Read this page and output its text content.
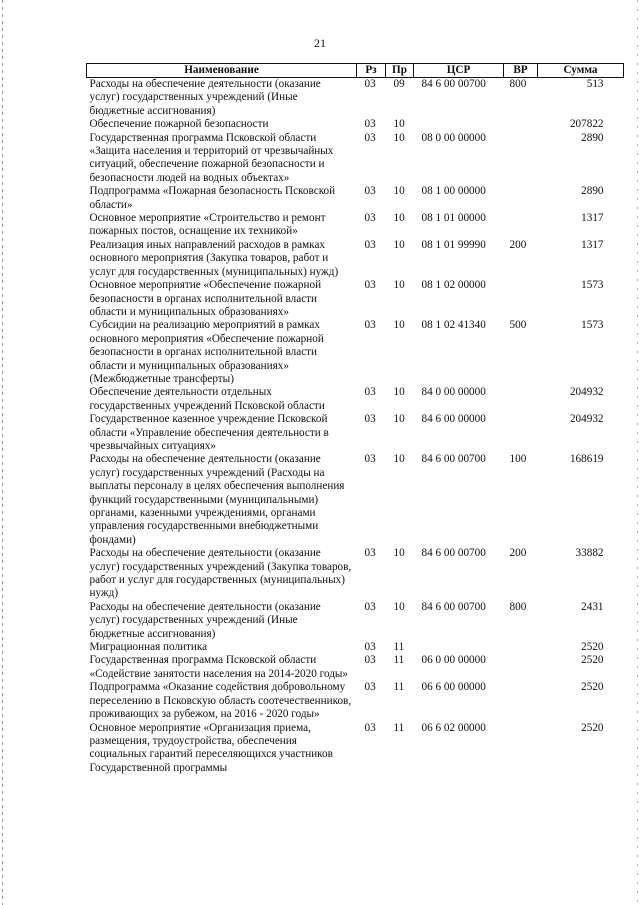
21
Наименование	Рз	Пр	ЦСР	ВР	Сумма
Расходы на обеспечение деятельности (оказание услуг) государственных учреждений (Иные бюджетные ассигнования)	03	09	84 6 00 00700	800	513
Обеспечение пожарной безопасности	03	10			207822
Государственная программа Псковской области «Защита населения и территорий от чрезвычайных ситуаций, обеспечение пожарной безопасности и безопасности людей на водных объектах»	03	10	08 0 00 00000		2890
Подпрограмма «Пожарная безопасность Псковской области»	03	10	08 1 00 00000		2890
Основное мероприятие «Строительство и ремонт пожарных постов, оснащение их техникой»	03	10	08 1 01 00000		1317
Реализация иных направлений расходов в рамках основного мероприятия (Закупка товаров, работ и услуг для государственных (муниципальных) нужд)	03	10	08 1 01 99990	200	1317
Основное мероприятие «Обеспечение пожарной безопасности в органах исполнительной власти области и муниципальных образованиях»	03	10	08 1 02 00000		1573
Субсидии на реализацию мероприятий в рамках основного мероприятия «Обеспечение пожарной безопасности в органах исполнительной власти области и муниципальных образованиях» (Межбюджетные трансферты)	03	10	08 1 02 41340	500	1573
Обеспечение деятельности отдельных государственных учреждений Псковской области	03	10	84 0 00 00000		204932
Государственное казенное учреждение Псковской области «Управление обеспечения деятельности в чрезвычайных ситуациях»	03	10	84 6 00 00000		204932
Расходы на обеспечение деятельности (оказание услуг) государственных учреждений (Расходы на выплаты персоналу в целях обеспечения выполнения функций государственными (муниципальными) органами, казенными учреждениями, органами управления государственными внебюджетными фондами)	03	10	84 6 00 00700	100	168619
Расходы на обеспечение деятельности (оказание услуг) государственных учреждений (Закупка товаров, работ и услуг для государственных (муниципальных) нужд)	03	10	84 6 00 00700	200	33882
Расходы на обеспечение деятельности (оказание услуг) государственных учреждений (Иные бюджетные ассигнования)	03	10	84 6 00 00700	800	2431
Миграционная политика	03	11			2520
Государственная программа Псковской области «Содействие занятости населения на 2014-2020 годы»	03	11	06 0 00 00000		2520
Подпрограмма «Оказание содействия добровольному переселению в Псковскую область соотечественников, проживающих за рубежом, на 2016 - 2020 годы»	03	11	06 6 00 00000		2520
Основное мероприятие «Организация приема, размещения, трудоустройства, обеспечения социальных гарантий переселяющихся участников Государственной программы	03	11	06 6 02 00000		2520
